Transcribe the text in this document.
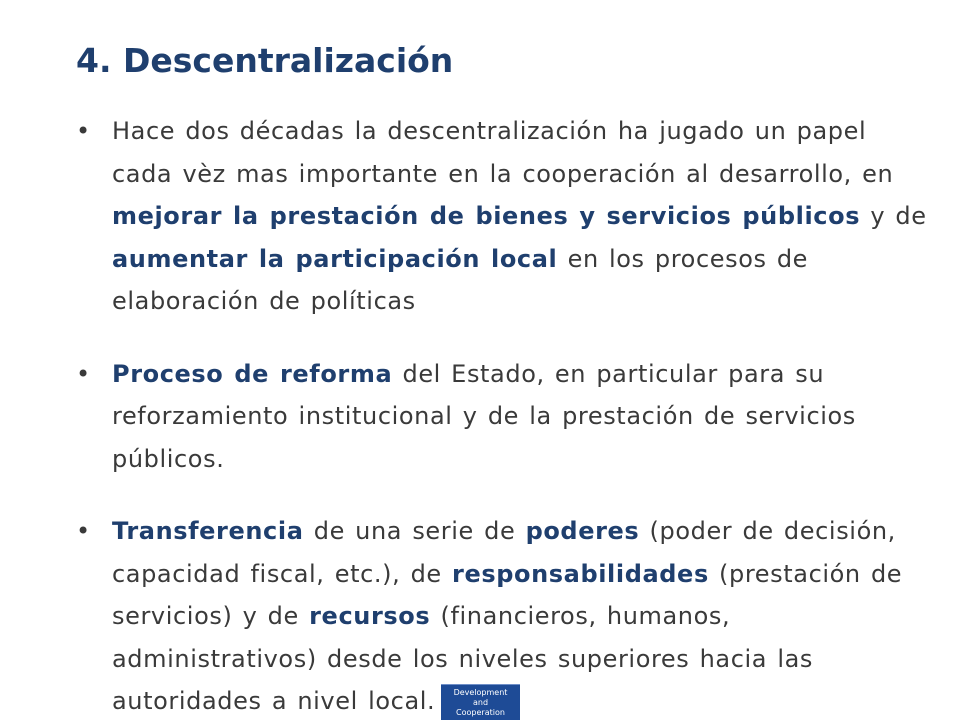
4. Descentralización
• Hace dos décadas la descentralización ha jugado un papel cada vèz mas importante en la cooperación al desarrollo, en mejorar la prestación de bienes y servicios públicos y de aumentar la participación local en los procesos de elaboración de políticas
• Proceso de reforma del Estado, en particular para su reforzamiento institucional y de la prestación de servicios públicos.
• Transferencia de una serie de poderes (poder de decisión, capacidad fiscal, etc.), de responsabilidades (prestación de servicios) y de recursos (financieros, humanos, administrativos) desde los niveles superiores hacia las autoridades a nivel local.	Development
and
Cooperation
